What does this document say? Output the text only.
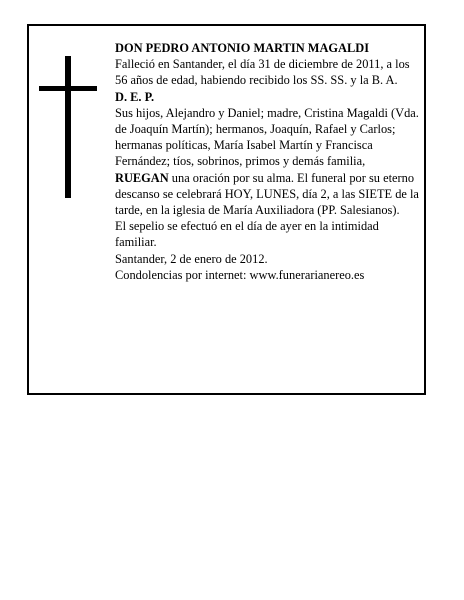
DON PEDRO ANTONIO MARTIN MAGALDI

Falleció en Santander, el día 31 de diciembre de 2011, a los 56 años de edad, habiendo recibido los SS. SS. y la B. A.

D. E. P.

Sus hijos, Alejandro y Daniel; madre, Cristina Magaldi (Vda. de Joaquín Martín); hermanos, Joaquín, Rafael y Carlos; hermanas políticas, María Isabel Martín y Francisca Fernández; tíos, sobrinos, primos y demás familia,

RUEGAN una oración por su alma. El funeral por su eterno descanso se celebrará HOY, LUNES, día 2, a las SIETE de la tarde, en la iglesia de María Auxiliadora (PP. Salesianos).

El sepelio se efectuó en el día de ayer en la intimidad familiar.

Santander, 2 de enero de 2012.

Condolencias por internet: www.funerarianereo.es
